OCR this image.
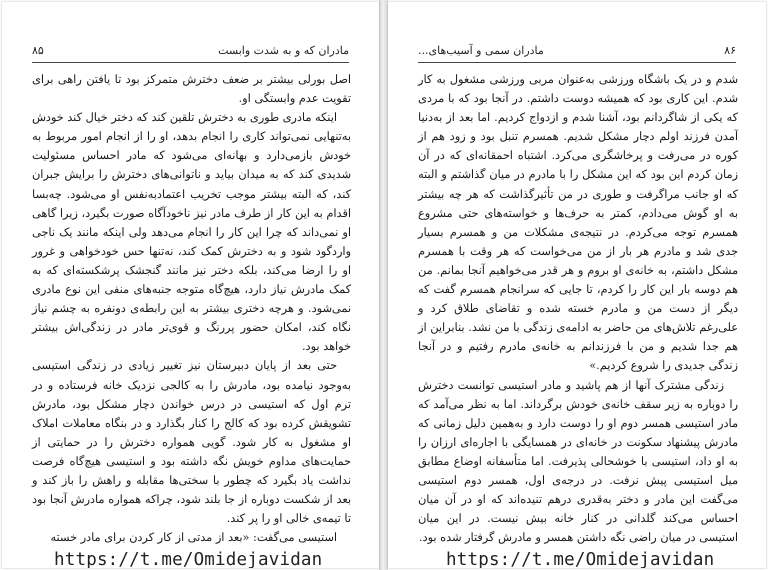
۸۵	مادران که و به شدت وابست

اصل بورلی بیشتر بر ضعف دخترش متمرکز بود تا یافتن راهی برای تقویت عدم وابستگی او.

اینکه مادری طوری به دخترش تلقین کند که دختر خیال کند خودش به‌تنهایی نمی‌تواند کاری را انجام بدهد، او را از انجام امور مربوط به خودش بازمی‌دارد و بهانه‌ای می‌شود که مادر احساس مسئولیت شدیدی کند که به میدان بیاید و ناتوانی‌های دخترش را برایش جبران کند، که البته بیشتر موجب تخریب اعتمادبه‌نفس او می‌شود. چه‌بسا اقدام به این کار از طرف مادر نیز ناخودآگاه صورت بگیرد، زیرا گاهی او نمی‌داند که چرا این کار را انجام می‌دهد ولی اینکه مانند یک ناجی واردگود شود و به دخترش کمک کند، نه‌تنها حس خودخواهی و غرور او را ارضا می‌کند، بلکه دختر نیز مانند گنجشک پرشکسته‌ای که به کمک مادرش نیاز دارد، هیچ‌گاه متوجه جنبه‌های منفی این نوع مادری نمی‌شود. و هرچه دختری بیشتر به این رابطه‌ی دونفره به چشم نیاز نگاه کند، امکان حضور پررنگ و قوی‌تر مادر در زندگی‌اش بیشتر خواهد بود.

حتی بعد از پایان دبیرستان نیز تغییر زیادی در زندگی استیسی به‌وجود نیامده بود، مادرش را به کالجی نزدیک خانه فرستاده و در ترم اول که استیسی در درس خواندن دچار مشکل بود، مادرش تشویقش کرده بود که کالج را کنار بگذارد و در بنگاه معاملات املاک او مشغول به کار شود. گویی همواره دخترش را در حمایتی از حمایت‌های مداوم خویش نگه داشته بود و استیسی هیچ‌گاه فرصت نداشت یاد بگیرد که چطور با سختی‌ها مقابله و راهش را باز کند و بعد از شکست دوباره از جا بلند شود، چراکه همواره مادرش آنجا بود تا تیمه‌ی خالی او را پر کند.

استیسی می‌گفت: «بعد از مدتی از کار کردن برای مادر خسته

https://t.me/Omidejavidan
۸۶
مادران سمی و آسیب‌های...

شدم و در یک باشگاه ورزشی به‌عنوان مربی ورزشی مشغول به کار شدم. این کاری بود که همیشه دوست داشتم. در آنجا بود که با مردی که یکی از شاگردانم بود، آشنا شدم و ازدواج کردیم. اما بعد از به‌دنیا آمدن فرزند اولم دچار مشکل شدیم. همسرم تنبل بود و زود هم از کوره در می‌رفت و پرخاشگری می‌کرد. اشتباه احمقانه‌ای که در آن زمان کردم این بود که این مشکل را با مادرم در میان گذاشتم و البته که او جانب مراگرفت و طوری در من تأثیرگذاشت که هر چه بیشتر به او گوش می‌دادم، کمتر به حرف‌ها و خواسته‌های حتی مشروع همسرم توجه می‌کردم. در نتیجه‌ی مشکلات من و همسرم بسیار جدی شد و مادرم هر بار از من می‌خواست که هر وقت با همسرم مشکل داشتم، به خانه‌ی او بروم و هر قدر می‌خواهیم آنجا بمانم. من هم دوسه بار این کار را کردم، تا جایی که سرانجام همسرم گفت که دیگر از دست من و مادرم خسته شده و تقاضای طلاق کرد و علی‌رغم تلاش‌های من حاضر به ادامه‌ی زندگی با من نشد. بنابراین از هم جدا شدیم و من با فرزندانم به خانه‌ی مادرم رفتیم و در آنجا زندگی جدیدی را شروع کردیم.»

زندگی مشترک آنها از هم پاشید و مادر استیسی توانست دخترش را دوباره به زیر سقف خانه‌ی خودش برگرداند. اما به نظر می‌آمد که مادر استیسی همسر دوم او را دوست دارد و به‌همین دلیل زمانی که مادرش پیشنهاد سکونت در خانه‌ای در همسایگی با اجاره‌ای ارزان را به او داد، استیسی با خوشحالی پذیرفت. اما متأسفانه اوضاع مطابق میل استیسی پیش نرفت. در درجه‌ی اول، همسر دوم استیسی می‌گفت این مادر و دختر به‌قدری درهم تنیده‌اند که او در آن میان احساس می‌کند گلدانی در کنار خانه بیش نیست. در این میان استیسی در میان راضی نگه داشتن همسر و مادرش گرفتار شده بود.

https://t.me/Omidejavidan
